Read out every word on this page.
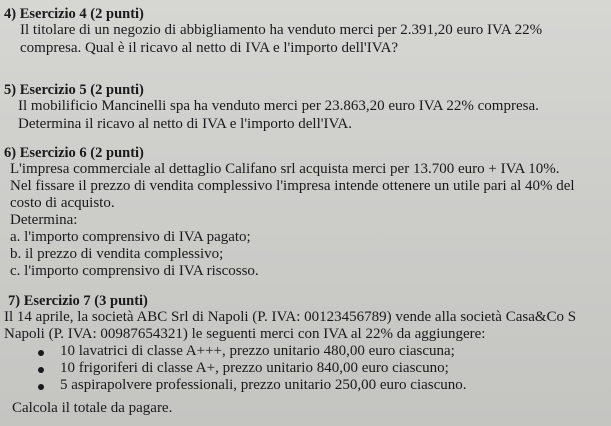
4) Esercizio 4 (2 punti)
Il titolare di un negozio di abbigliamento ha venduto merci per 2.391,20 euro IVA 22%
compresa. Qual è il ricavo al netto di IVA e l'importo dell'IVA?
5) Esercizio 5 (2 punti)
Il mobilificio Mancinelli spa ha venduto merci per 23.863,20 euro IVA 22% compresa.
Determina il ricavo al netto di IVA e l'importo dell'IVA.
6) Esercizio 6 (2 punti)
L'impresa commerciale al dettaglio Califano srl acquista merci per 13.700 euro + IVA 10%.
Nel fissare il prezzo di vendita complessivo l'impresa intende ottenere un utile pari al 40% del
costo di acquisto.
Determina:
a. l'importo comprensivo di IVA pagato;
b. il prezzo di vendita complessivo;
c. l'importo comprensivo di IVA riscosso.
7) Esercizio 7 (3 punti)
Il 14 aprile, la società ABC Srl di Napoli (P. IVA: 00123456789) vende alla società Casa&Co S
Napoli (P. IVA: 00987654321) le seguenti merci con IVA al 22% da aggiungere:
10 lavatrici di classe A+++, prezzo unitario 480,00 euro ciascuna;
10 frigoriferi di classe A+, prezzo unitario 840,00 euro ciascuno;
5 aspirapolvere professionali, prezzo unitario 250,00 euro ciascuno.
Calcola il totale da pagare.
